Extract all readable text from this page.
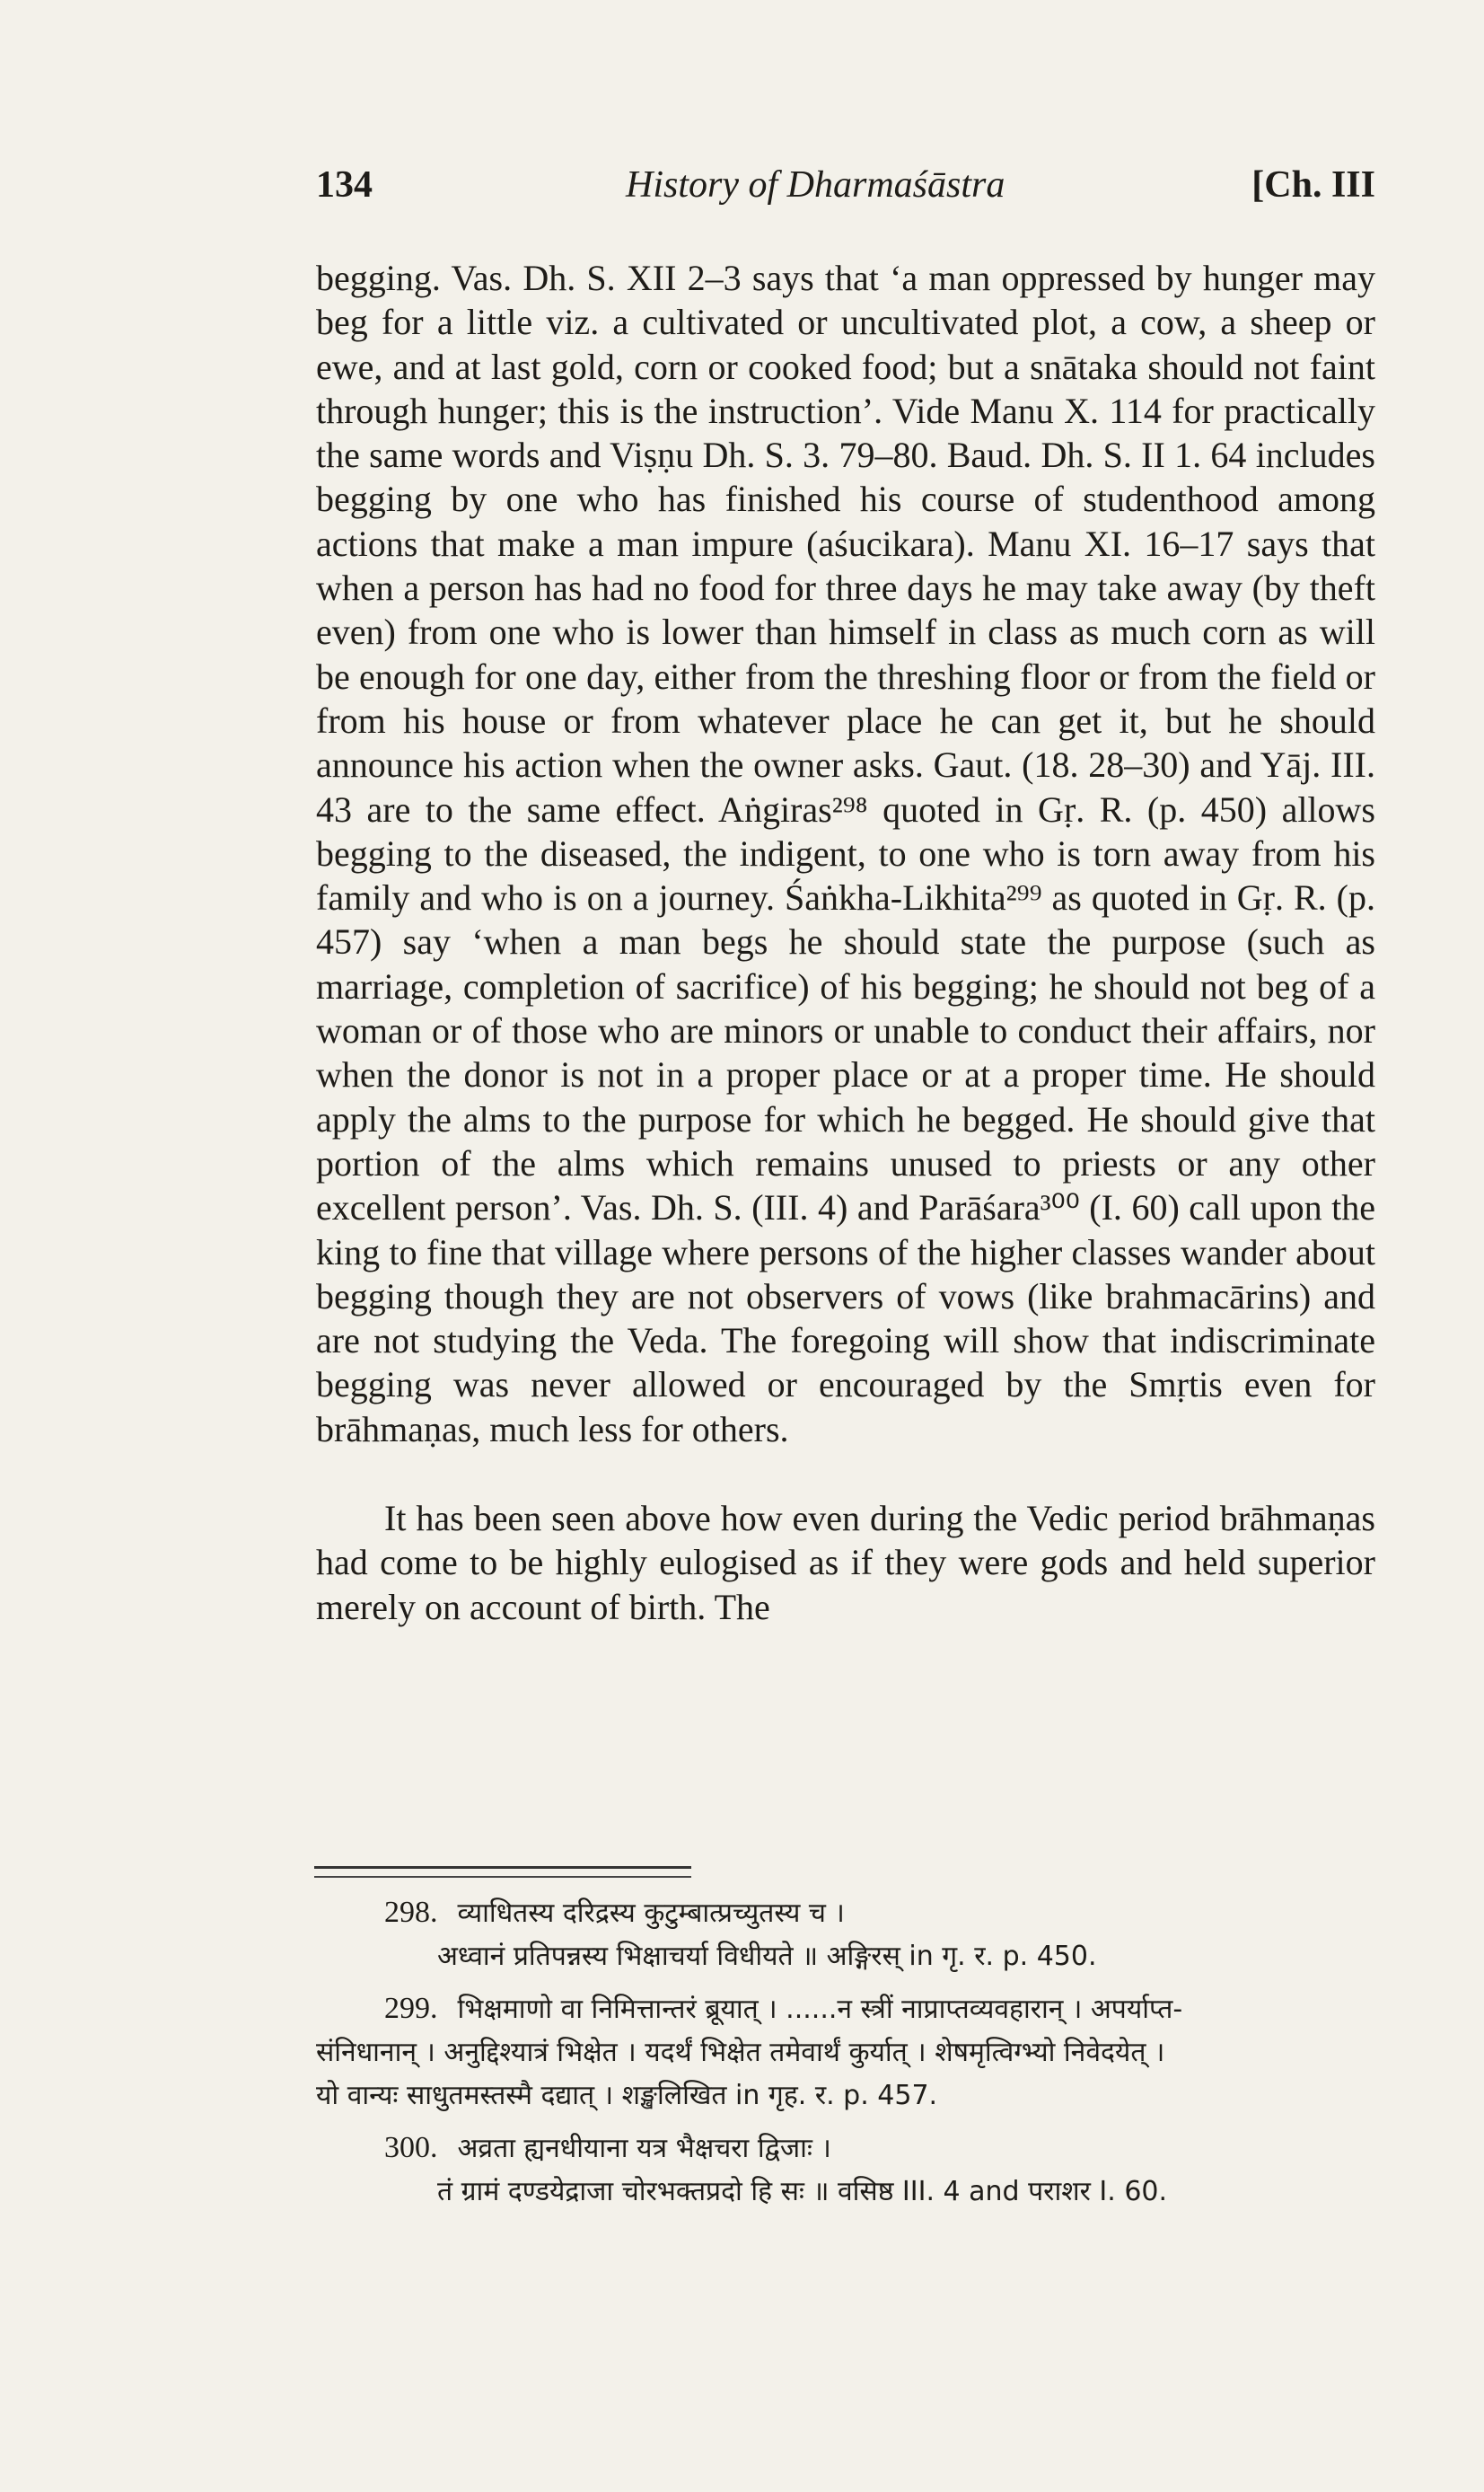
134	History of Dharmaśāstra	[Ch. III

begging. Vas. Dh. S. XII 2–3 says that ‘a man oppressed by hunger may beg for a little viz. a cultivated or uncultivated plot, a cow, a sheep or ewe, and at last gold, corn or cooked food; but a snātaka should not faint through hunger; this is the instruction’. Vide Manu X. 114 for practically the same words and Viṣṇu Dh. S. 3. 79–80. Baud. Dh. S. II 1. 64 includes begging by one who has finished his course of studenthood among actions that make a man impure (aśucikara). Manu XI. 16–17 says that when a person has had no food for three days he may take away (by theft even) from one who is lower than himself in class as much corn as will be enough for one day, either from the threshing floor or from the field or from his house or from whatever place he can get it, but he should announce his action when the owner asks. Gaut. (18. 28–30) and Yāj. III. 43 are to the same effect. Aṅgiras²⁹⁸ quoted in Gṛ. R. (p. 450) allows begging to the diseased, the indigent, to one who is torn away from his family and who is on a journey. Śaṅkha-Likhita²⁹⁹ as quoted in Gṛ. R. (p. 457) say ‘when a man begs he should state the purpose (such as marriage, completion of sacrifice) of his begging; he should not beg of a woman or of those who are minors or unable to conduct their affairs, nor when the donor is not in a proper place or at a proper time. He should apply the alms to the purpose for which he begged. He should give that portion of the alms which remains unused to priests or any other excellent person’. Vas. Dh. S. (III. 4) and Parāśara³⁰⁰ (I. 60) call upon the king to fine that village where persons of the higher classes wander about begging though they are not observers of vows (like brahmacārins) and are not studying the Veda. The foregoing will show that indiscriminate begging was never allowed or encouraged by the Smṛtis even for brāhmaṇas, much less for others.

It has been seen above how even during the Vedic period brāhmaṇas had come to be highly eulogised as if they were gods and held superior merely on account of birth. The

298. व्याधितस्य दरिद्रस्य कुटुम्बात्प्रच्युतस्य च ।
अध्वानं प्रतिपन्नस्य भिक्षाचर्या विधीयते ॥ अङ्गिरस् in गृ. र. p. 450.
299. भिक्षमाणो वा निमित्तान्तरं ब्रूयात् । ......न स्त्रीं नाप्राप्तव्यवहारान् । अपर्याप्त-
संनिधानान् । अनुद्दिश्यात्रं भिक्षेत । यदर्थं भिक्षेत तमेवार्थं कुर्यात् । शेषमृत्विग्भ्यो निवेदयेत् ।
यो वान्यः साधुतमस्तस्मै दद्यात् । शङ्खलिखित in गृह. र. p. 457.
300. अव्रता ह्यनधीयाना यत्र भैक्षचरा द्विजाः ।
तं ग्रामं दण्डयेद्राजा चोरभक्तप्रदो हि सः ॥ वसिष्ठ III. 4 and पराशर I. 60.
